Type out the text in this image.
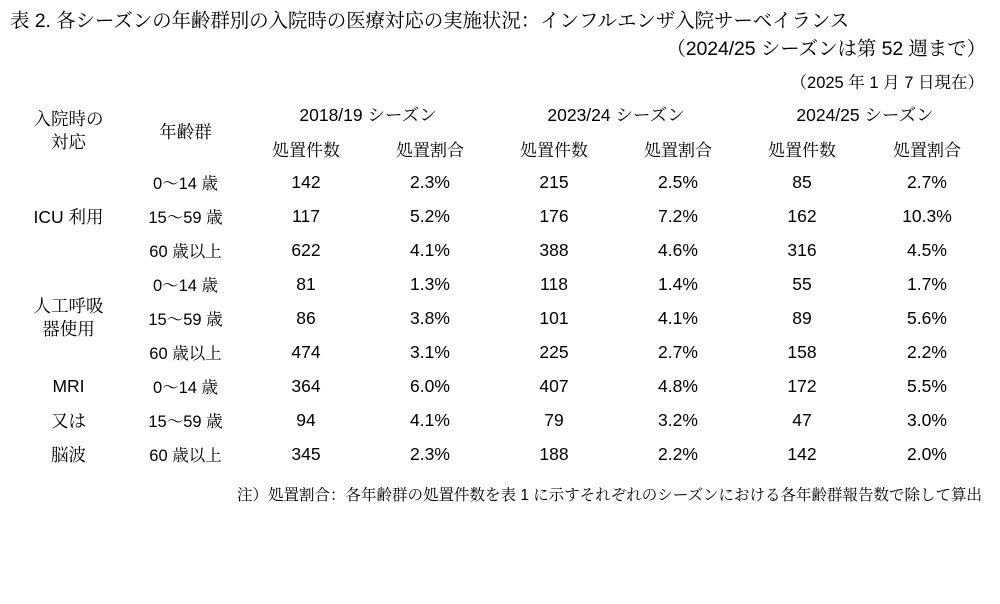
表 2. 各シーズンの年齢群別の入院時の医療対応の実施状況：インフルエンザ入院サーベイランス
（2024/25 シーズンは第 52 週まで）
（2025 年 1 月 7 日現在）
入院時の
対応	年齢群	2018/19 シーズン		2023/24 シーズン		2024/25 シーズン	
		処置件数	処置割合	処置件数	処置割合	処置件数	処置割合

ICU 利用	0〜14 歳	142	2.3%	215	2.5%	85	2.7%
	15〜59 歳	117	5.2%	176	7.2%	162	10.3%
	60 歳以上	622	4.1%	388	4.6%	316	4.5%

人工呼吸
器使用	0〜14 歳	81	1.3%	118	1.4%	55	1.7%
	15〜59 歳	86	3.8%	101	4.1%	89	5.6%
	60 歳以上	474	3.1%	225	2.7%	158	2.2%
MRI	0〜14 歳	364	6.0%	407	4.8%	172	5.5%
又は	15〜59 歳	94	4.1%	79	3.2%	47	3.0%
脳波	60 歳以上	345	2.3%	188	2.2%	142	2.0%
注）処置割合：各年齢群の処置件数を表 1 に示すそれぞれのシーズンにおける各年齢群報告数で除して算出
